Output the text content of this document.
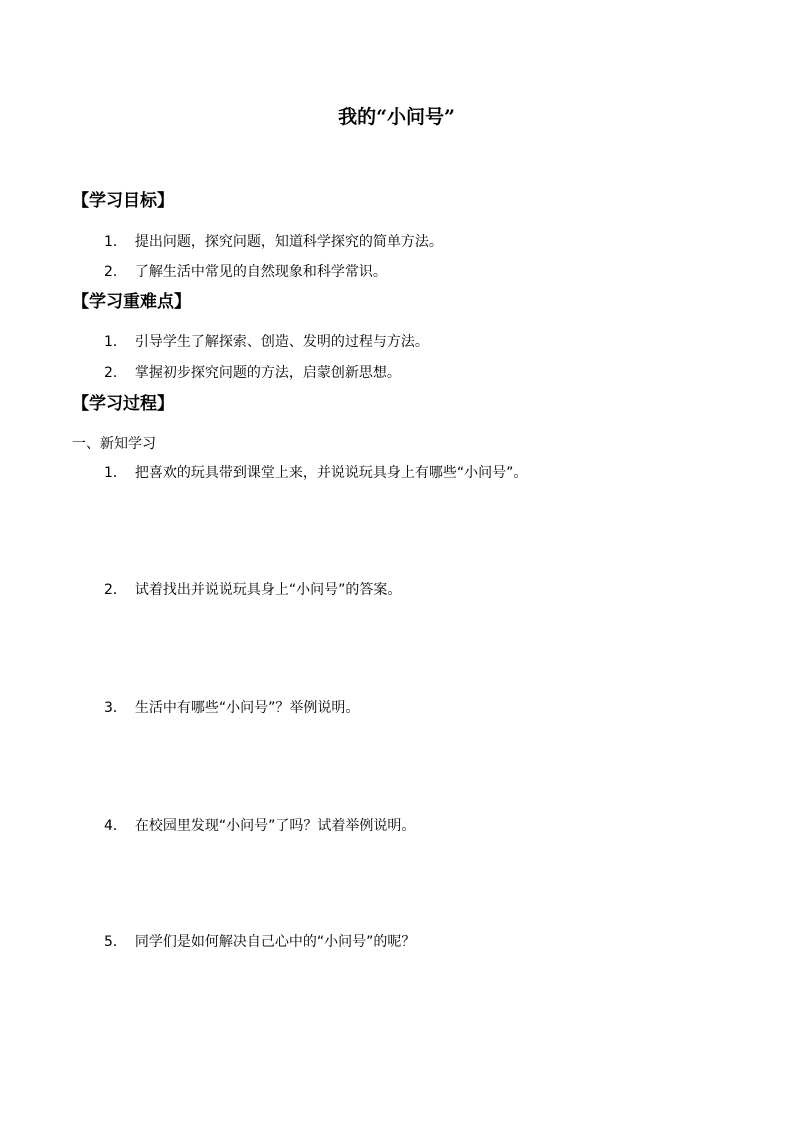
我的“小问号”
【学习目标】
1． 提出问题，探究问题，知道科学探究的简单方法。
2． 了解生活中常见的自然现象和科学常识。
【学习重难点】
1． 引导学生了解探索、创造、发明的过程与方法。
2． 掌握初步探究问题的方法，启蒙创新思想。
【学习过程】
一、新知学习
1． 把喜欢的玩具带到课堂上来，并说说玩具身上有哪些“小问号”。
2． 试着找出并说说玩具身上“小问号”的答案。
3． 生活中有哪些“小问号”？举例说明。
4． 在校园里发现“小问号”了吗？试着举例说明。
5． 同学们是如何解决自己心中的“小问号”的呢？
